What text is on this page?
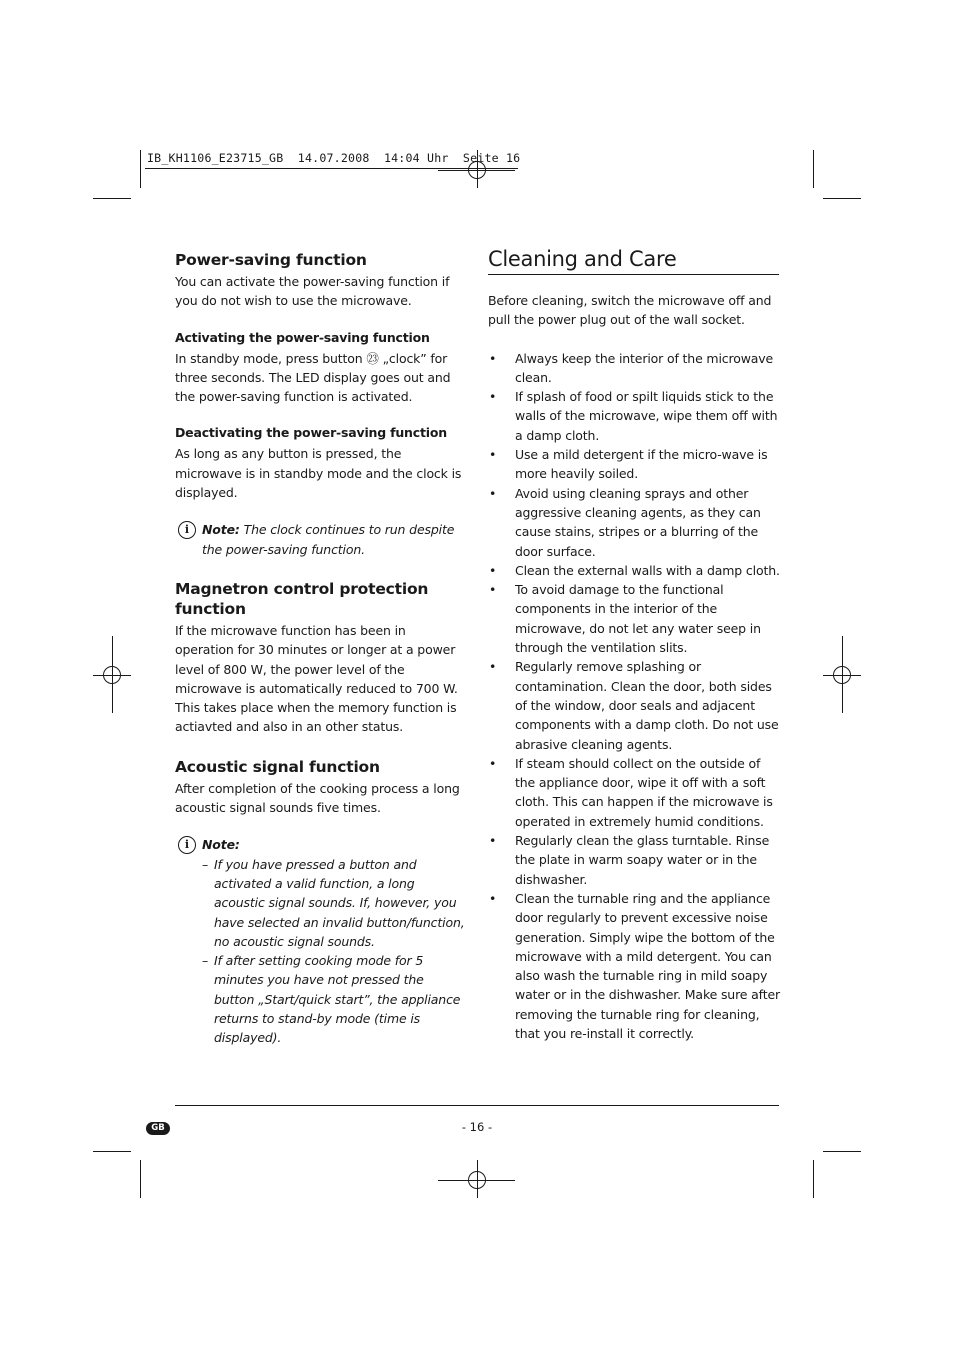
IB_KH1106_E23715_GB  14.07.2008  14:04 Uhr  Seite 16
Power-saving function

You can activate the power-saving function if you do not wish to use the microwave.

Activating the power-saving function

In standby mode, press button ㉓ „clock” for three seconds. The LED display goes out and the power-saving function is activated.

Deactivating the power-saving function

As long as any button is pressed, the microwave is in standby mode and the clock is displayed.

i	Note: The clock continues to run despite the power-saving function.

Magnetron control protection function

If the microwave function has been in operation for 30 minutes or longer at a power level of 800 W, the power level of the microwave is automatically reduced to 700 W. This takes place when the memory function is actiavted and also in an other status.

Acoustic signal function

After completion of the cooking process a long acoustic signal sounds five times.

i	Note:

– If you have pressed a button and activated a valid function, a long acoustic signal sounds. If, however, you have selected an invalid button/function, no acoustic signal sounds.
– If after setting cooking mode for 5 minutes you have not pressed the button „Start/quick start”, the appliance returns to stand-by mode (time is displayed).
Cleaning and Care

Before cleaning, switch the microwave off and pull the power plug out of the wall socket.

• Always keep the interior of the microwave clean.
• If splash of food or spilt liquids stick to the walls of the microwave, wipe them off with a damp cloth.
• Use a mild detergent if the micro-wave is more heavily soiled.
• Avoid using cleaning sprays and other aggressive cleaning agents, as they can cause stains, stripes or a blurring of the door surface.
• Clean the external walls with a damp cloth.
• To avoid damage to the functional components in the interior of the microwave, do not let any water seep in through the ventilation slits.
• Regularly remove splashing or contamination. Clean the door, both sides of the window, door seals and adjacent components with a damp cloth. Do not use abrasive cleaning agents.
• If steam should collect on the outside of the appliance door, wipe it off with a soft cloth. This can happen if the microwave is operated in extremely humid conditions.
• Regularly clean the glass turntable. Rinse the plate in warm soapy water or in the dishwasher.
• Clean the turnable ring and the appliance door regularly to prevent excessive noise generation. Simply wipe the bottom of the microwave with a mild detergent. You can also wash the turnable ring in mild soapy water or in the dishwasher. Make sure after removing the turnable ring for cleaning, that you re-install it correctly.
GB	- 16 -
